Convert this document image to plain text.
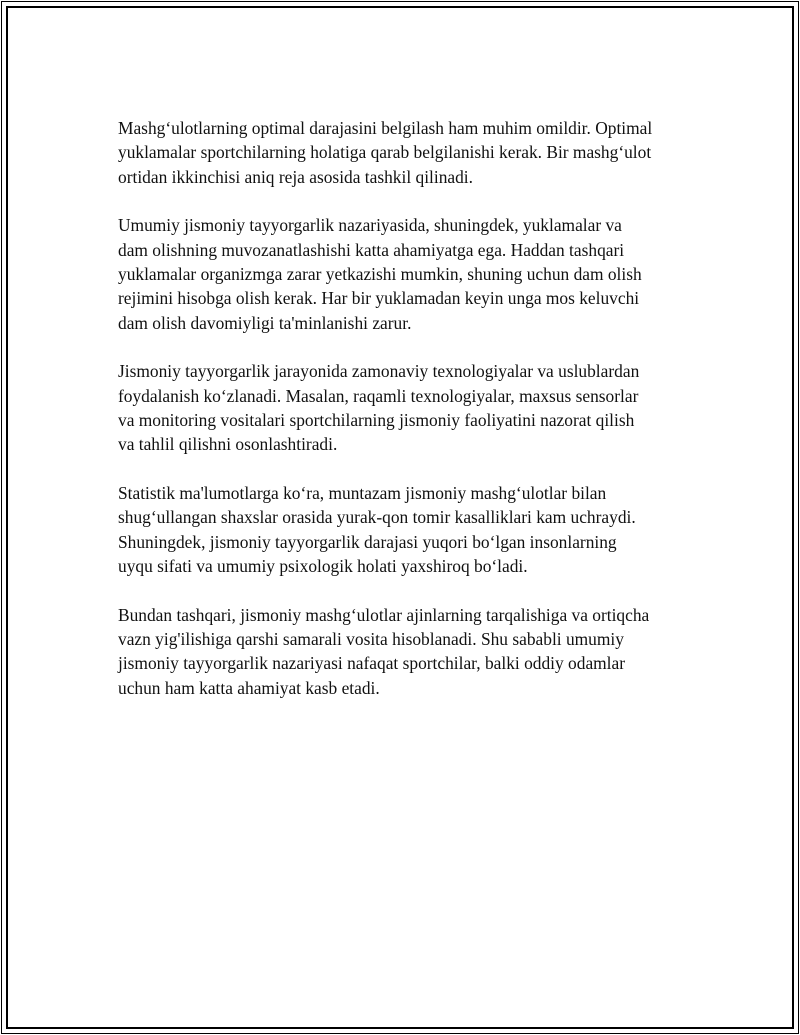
Mashg‘ulotlarning optimal darajasini belgilash ham muhim omildir. Optimal
yuklamalar sportchilarning holatiga qarab belgilanishi kerak. Bir mashg‘ulot
ortidan ikkinchisi aniq reja asosida tashkil qilinadi.

Umumiy jismoniy tayyorgarlik nazariyasida, shuningdek, yuklamalar va
dam olishning muvozanatlashishi katta ahamiyatga ega. Haddan tashqari
yuklamalar organizmga zarar yetkazishi mumkin, shuning uchun dam olish
rejimini hisobga olish kerak. Har bir yuklamadan keyin unga mos keluvchi
dam olish davomiyligi ta'minlanishi zarur.

Jismoniy tayyorgarlik jarayonida zamonaviy texnologiyalar va uslublardan
foydalanish ko‘zlanadi. Masalan, raqamli texnologiyalar, maxsus sensorlar
va monitoring vositalari sportchilarning jismoniy faoliyatini nazorat qilish
va tahlil qilishni osonlashtiradi.

Statistik ma'lumotlarga ko‘ra, muntazam jismoniy mashg‘ulotlar bilan
shug‘ullangan shaxslar orasida yurak-qon tomir kasalliklari kam uchraydi.
Shuningdek, jismoniy tayyorgarlik darajasi yuqori bo‘lgan insonlarning
uyqu sifati va umumiy psixologik holati yaxshiroq bo‘ladi.

Bundan tashqari, jismoniy mashg‘ulotlar ajinlarning tarqalishiga va ortiqcha
vazn yig'ilishiga qarshi samarali vosita hisoblanadi. Shu sababli umumiy
jismoniy tayyorgarlik nazariyasi nafaqat sportchilar, balki oddiy odamlar
uchun ham katta ahamiyat kasb etadi.
